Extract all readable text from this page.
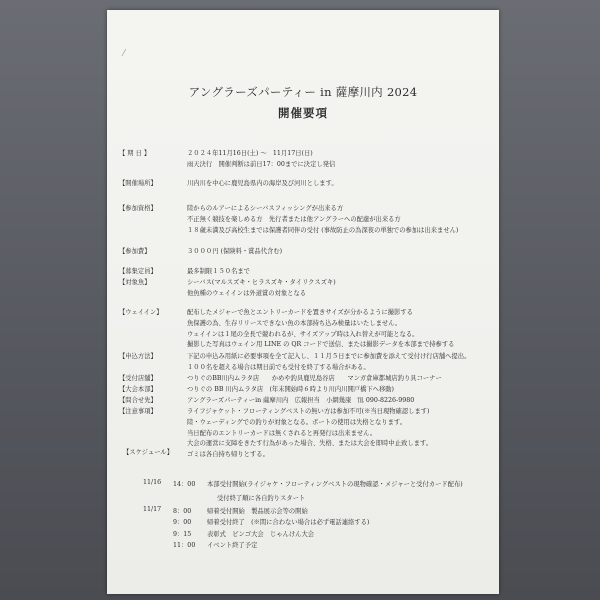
アングラーズパーティー in 薩摩川内 2024
開催要項
【 期 日 】	２０２４年11月16日(土) 〜　11月17日(日)
雨天決行　開催判断は前日17：00までに決定し発信
【開催場所】	川内川を中心に鹿児島県内の海岸及び河川とします。
【参加資格】	陸からのルアーによるシーバスフィッシングが出来る方
不正無く競技を楽しめる方　先行者または他アングラーへの配慮が出来る方
１８歳未満及び高校生までは保護者同伴の受付 (事故防止の為深夜の単独での参加は出来ません)
【参加費】	３０００円 (保険料・賞品代含む)
【募集定員】	最多制限１５０名まで
【対象魚】	シーバス(マルスズキ・ヒラスズキ・タイリクスズキ)
他魚種のウェイインは外道賞の対象となる
【ウェイイン】	配布したメジャーで魚とエントリーカードを置きサイズが分かるように撮影する
魚保護の為、生存リリースできない魚の本部持ち込み検量はいたしません。
ウェイインは１尾の全長で競われるが、サイズアップ時は入れ替えが可能となる。
撮影した写真はウェイン用 LINE の QR コードで送信、または撮影データを本部まで持参する
【申込方法】	下記の申込み用紙に必要事項を全て記入し、１１月５日までに参加費を添えて受付け行店舗へ提出。
１００名を超える場合は期日前でも受付を終了する場合がある。
【受付店舗】	つりぐのBB川内ムラタ店　　かめや釣具鹿児島谷店　　マンガ倉庫都城店釣り具コーナー
【大会本部】	つりぐの BB 川内ムラタ店　(年末開始時６時より川内川開戸橋下へ移動)
【問合せ先】	アングラーズパーティーin 薩摩川内　広報担当　小網幾康　℡ 090-8226-9980
【注意事項】	ライフジャケット・フローティングベストの無い方は参加不可(※当日現物確認します)
陸・ウェーディングでの釣りが対象となる。ボートの使用は失格となります。
当日配布のエントリーカードは無くされると再発行は出来ません。
大会の運営に支障をきたす行為があった場合、失格、または大会を即時中止致します。
ゴミは各自持ち帰りとする。
【スケジュール】
11/16 14：00 本部受付開始(ライジャケ・フローティングベストの現物確認・メジャーと受付カード配布)
受付終了順に各自釣りスタート
11/17 8：00 帰着受付開始　製品展示会等の開始
9：00 帰着受付終了　(※間に合わない場合は必ず電話連絡する)
9：15 表彰式　ビンゴ大会　じゃんけん大会
11：00 イベント終了予定
